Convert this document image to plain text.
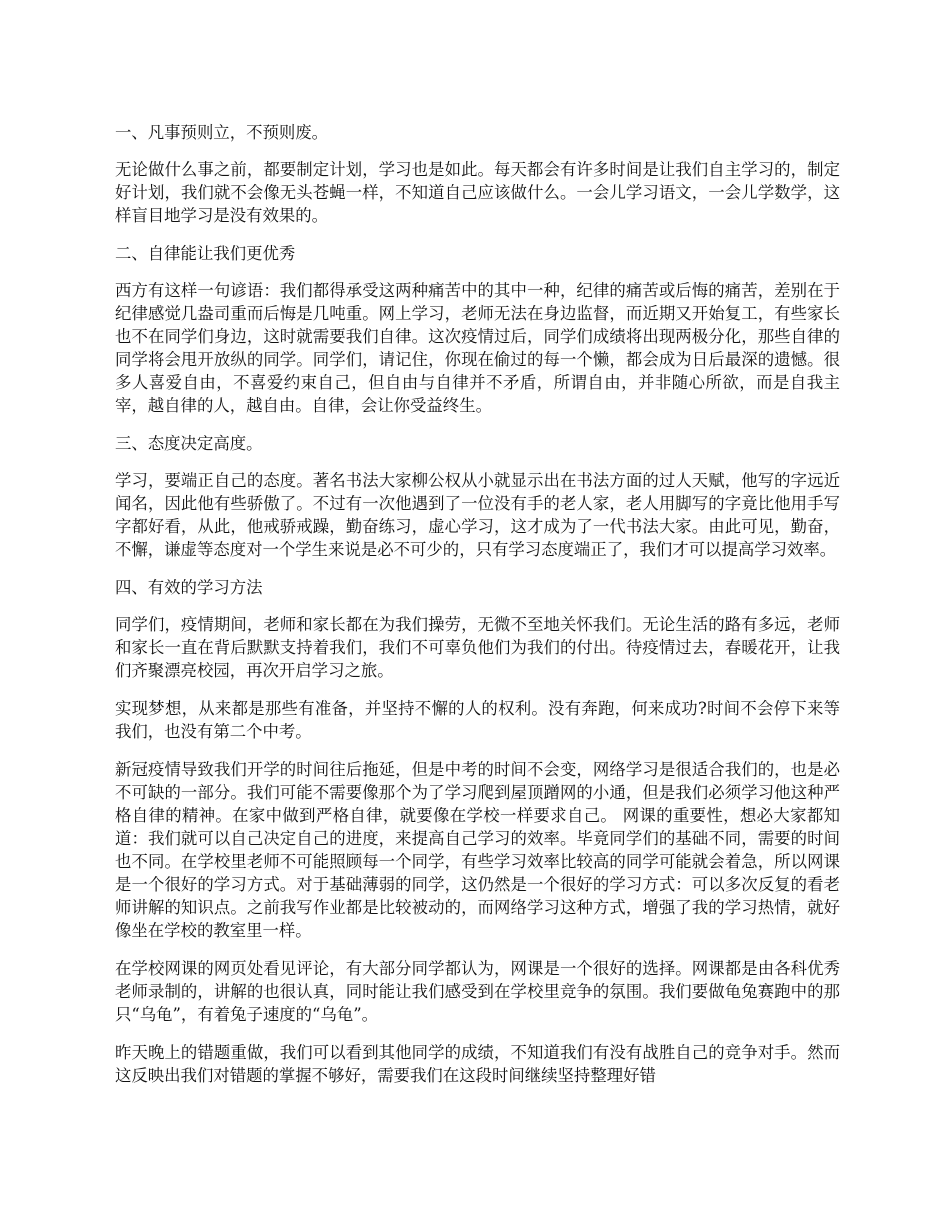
一、凡事预则立，不预则废。

无论做什么事之前，都要制定计划，学习也是如此。每天都会有许多时间是让我们自主学习的，制定好计划，我们就不会像无头苍蝇一样，不知道自己应该做什么。一会儿学习语文，一会儿学数学，这样盲目地学习是没有效果的。

二、自律能让我们更优秀

西方有这样一句谚语：我们都得承受这两种痛苦中的其中一种，纪律的痛苦或后悔的痛苦，差别在于纪律感觉几盎司重而后悔是几吨重。网上学习，老师无法在身边监督，而近期又开始复工，有些家长也不在同学们身边，这时就需要我们自律。这次疫情过后，同学们成绩将出现两极分化，那些自律的同学将会甩开放纵的同学。同学们，请记住，你现在偷过的每一个懒，都会成为日后最深的遗憾。很多人喜爱自由，不喜爱约束自己，但自由与自律并不矛盾，所谓自由，并非随心所欲，而是自我主宰，越自律的人，越自由。自律，会让你受益终生。

三、态度决定高度。

学习，要端正自己的态度。著名书法大家柳公权从小就显示出在书法方面的过人天赋，他写的字远近闻名，因此他有些骄傲了。不过有一次他遇到了一位没有手的老人家，老人用脚写的字竟比他用手写字都好看，从此，他戒骄戒躁，勤奋练习，虚心学习，这才成为了一代书法大家。由此可见，勤奋，不懈，谦虚等态度对一个学生来说是必不可少的，只有学习态度端正了，我们才可以提高学习效率。

四、有效的学习方法

同学们，疫情期间，老师和家长都在为我们操劳，无微不至地关怀我们。无论生活的路有多远，老师和家长一直在背后默默支持着我们，我们不可辜负他们为我们的付出。待疫情过去，春暖花开，让我们齐聚漂亮校园，再次开启学习之旅。

实现梦想，从来都是那些有准备，并坚持不懈的人的权利。没有奔跑，何来成功?时间不会停下来等我们，也没有第二个中考。

新冠疫情导致我们开学的时间往后拖延，但是中考的时间不会变，网络学习是很适合我们的，也是必不可缺的一部分。我们可能不需要像那个为了学习爬到屋顶蹭网的小通，但是我们必须学习他这种严格自律的精神。在家中做到严格自律，就要像在学校一样要求自己。 网课的重要性，想必大家都知道：我们就可以自己决定自己的进度，来提高自己学习的效率。毕竟同学们的基础不同，需要的时间也不同。在学校里老师不可能照顾每一个同学，有些学习效率比较高的同学可能就会着急，所以网课是一个很好的学习方式。对于基础薄弱的同学，这仍然是一个很好的学习方式：可以多次反复的看老师讲解的知识点。之前我写作业都是比较被动的，而网络学习这种方式，增强了我的学习热情，就好像坐在学校的教室里一样。

在学校网课的网页处看见评论，有大部分同学都认为，网课是一个很好的选择。网课都是由各科优秀老师录制的，讲解的也很认真，同时能让我们感受到在学校里竞争的氛围。我们要做龟兔赛跑中的那只“乌龟”，有着兔子速度的“乌龟”。

昨天晚上的错题重做，我们可以看到其他同学的成绩，不知道我们有没有战胜自己的竞争对手。然而这反映出我们对错题的掌握不够好，需要我们在这段时间继续坚持整理好错
